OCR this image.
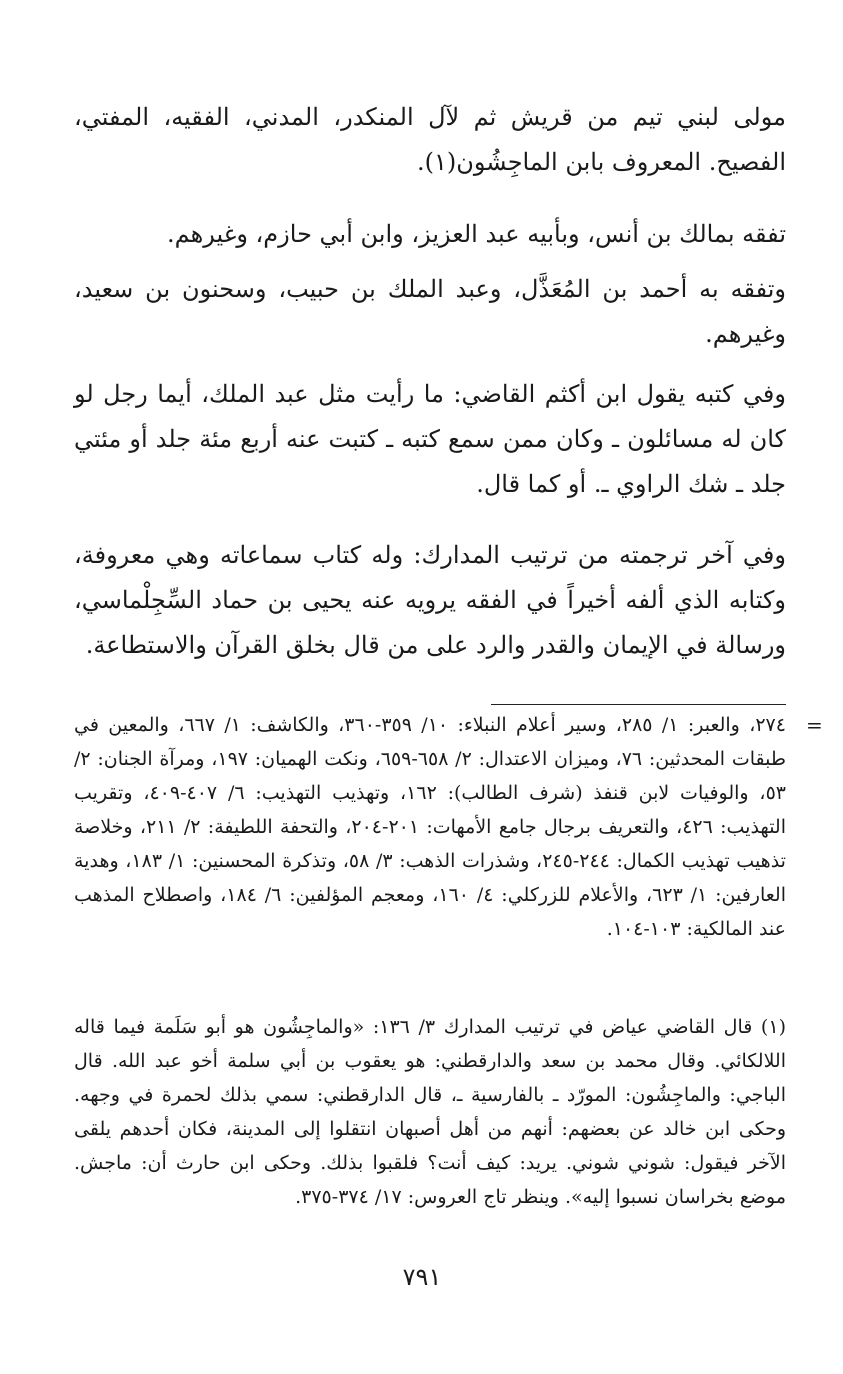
مولى لبني تيم من قريش ثم لآل المنكدر، المدني، الفقيه، المفتي، الفصيح. المعروف بابن الماجِشُون(١).

تفقه بمالك بن أنس، وبأبيه عبد العزيز، وابن أبي حازم، وغيرهم.

وتفقه به أحمد بن المُعَذَّل، وعبد الملك بن حبيب، وسحنون بن سعيد، وغيرهم.

وفي كتبه يقول ابن أكثم القاضي: ما رأيت مثل عبد الملك، أيما رجل لو كان له مسائلون ـ وكان ممن سمع كتبه ـ كتبت عنه أربع مئة جلد أو مئتي جلد ـ شك الراوي ـ. أو كما قال.

وفي آخر ترجمته من ترتيب المدارك: وله كتاب سماعاته وهي معروفة، وكتابه الذي ألفه أخيراً في الفقه يرويه عنه يحيى بن حماد السِّجِلْماسي، ورسالة في الإيمان والقدر والرد على من قال بخلق القرآن والاستطاعة.

=

٢٧٤، والعبر: ١/ ٢٨٥، وسير أعلام النبلاء: ١٠/ ٣٥٩-٣٦٠، والكاشف: ١/ ٦٦٧، والمعين في طبقات المحدثين: ٧٦، وميزان الاعتدال: ٢/ ٦٥٨-٦٥٩، ونكت الهميان: ١٩٧، ومرآة الجنان: ٢/ ٥٣، والوفيات لابن قنفذ (شرف الطالب): ١٦٢، وتهذيب التهذيب: ٦/ ٤٠٧-٤٠٩، وتقريب التهذيب: ٤٢٦، والتعريف برجال جامع الأمهات: ٢٠١-٢٠٤، والتحفة اللطيفة: ٢/ ٢١١، وخلاصة تذهيب تهذيب الكمال: ٢٤٤-٢٤٥، وشذرات الذهب: ٣/ ٥٨، وتذكرة المحسنين: ١/ ١٨٣، وهدية العارفين: ١/ ٦٢٣، والأعلام للزركلي: ٤/ ١٦٠، ومعجم المؤلفين: ٦/ ١٨٤، واصطلاح المذهب عند المالكية: ١٠٣-١٠٤.

(١) قال القاضي عياض في ترتيب المدارك ٣/ ١٣٦: «والماجِشُون هو أبو سَلَمة فيما قاله اللالكائي. وقال محمد بن سعد والدارقطني: هو يعقوب بن أبي سلمة أخو عبد الله. قال الباجي: والماجِشُون: المورّد ـ بالفارسية ـ، قال الدارقطني: سمي بذلك لحمرة في وجهه. وحكى ابن خالد عن بعضهم: أنهم من أهل أصبهان انتقلوا إلى المدينة، فكان أحدهم يلقى الآخر فيقول: شوني شوني. يريد: كيف أنت؟ فلقبوا بذلك. وحكى ابن حارث أن: ماجش. موضع بخراسان نسبوا إليه». وينظر تاج العروس: ١٧/ ٣٧٤-٣٧٥.

٧٩١
